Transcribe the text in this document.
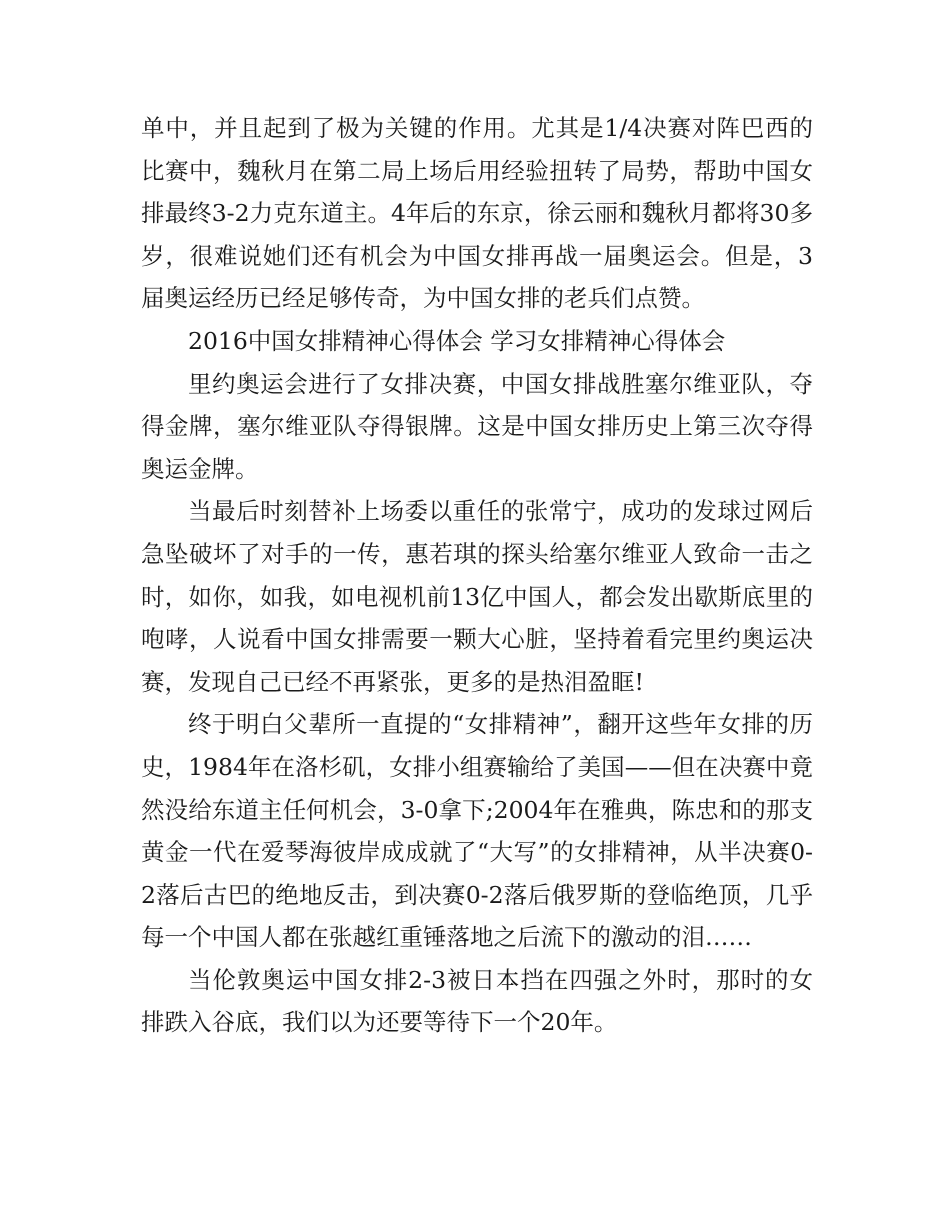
单中，并且起到了极为关键的作用。尤其是1/4决赛对阵巴西的比赛中，魏秋月在第二局上场后用经验扭转了局势，帮助中国女排最终3-2力克东道主。4年后的东京，徐云丽和魏秋月都将30多岁，很难说她们还有机会为中国女排再战一届奥运会。但是，3届奥运经历已经足够传奇，为中国女排的老兵们点赞。

2016中国女排精神心得体会 学习女排精神心得体会

里约奥运会进行了女排决赛，中国女排战胜塞尔维亚队，夺得金牌，塞尔维亚队夺得银牌。这是中国女排历史上第三次夺得奥运金牌。

当最后时刻替补上场委以重任的张常宁，成功的发球过网后急坠破坏了对手的一传，惠若琪的探头给塞尔维亚人致命一击之时，如你，如我，如电视机前13亿中国人，都会发出歇斯底里的咆哮，人说看中国女排需要一颗大心脏，坚持着看完里约奥运决赛，发现自己已经不再紧张，更多的是热泪盈眶!

终于明白父辈所一直提的“女排精神”，翻开这些年女排的历史，1984年在洛杉矶，女排小组赛输给了美国——但在决赛中竟然没给东道主任何机会，3-0拿下;2004年在雅典，陈忠和的那支黄金一代在爱琴海彼岸成成就了“大写”的女排精神，从半决赛0-2落后古巴的绝地反击，到决赛0-2落后俄罗斯的登临绝顶，几乎每一个中国人都在张越红重锤落地之后流下的激动的泪……

当伦敦奥运中国女排2-3被日本挡在四强之外时，那时的女排跌入谷底，我们以为还要等待下一个20年。
